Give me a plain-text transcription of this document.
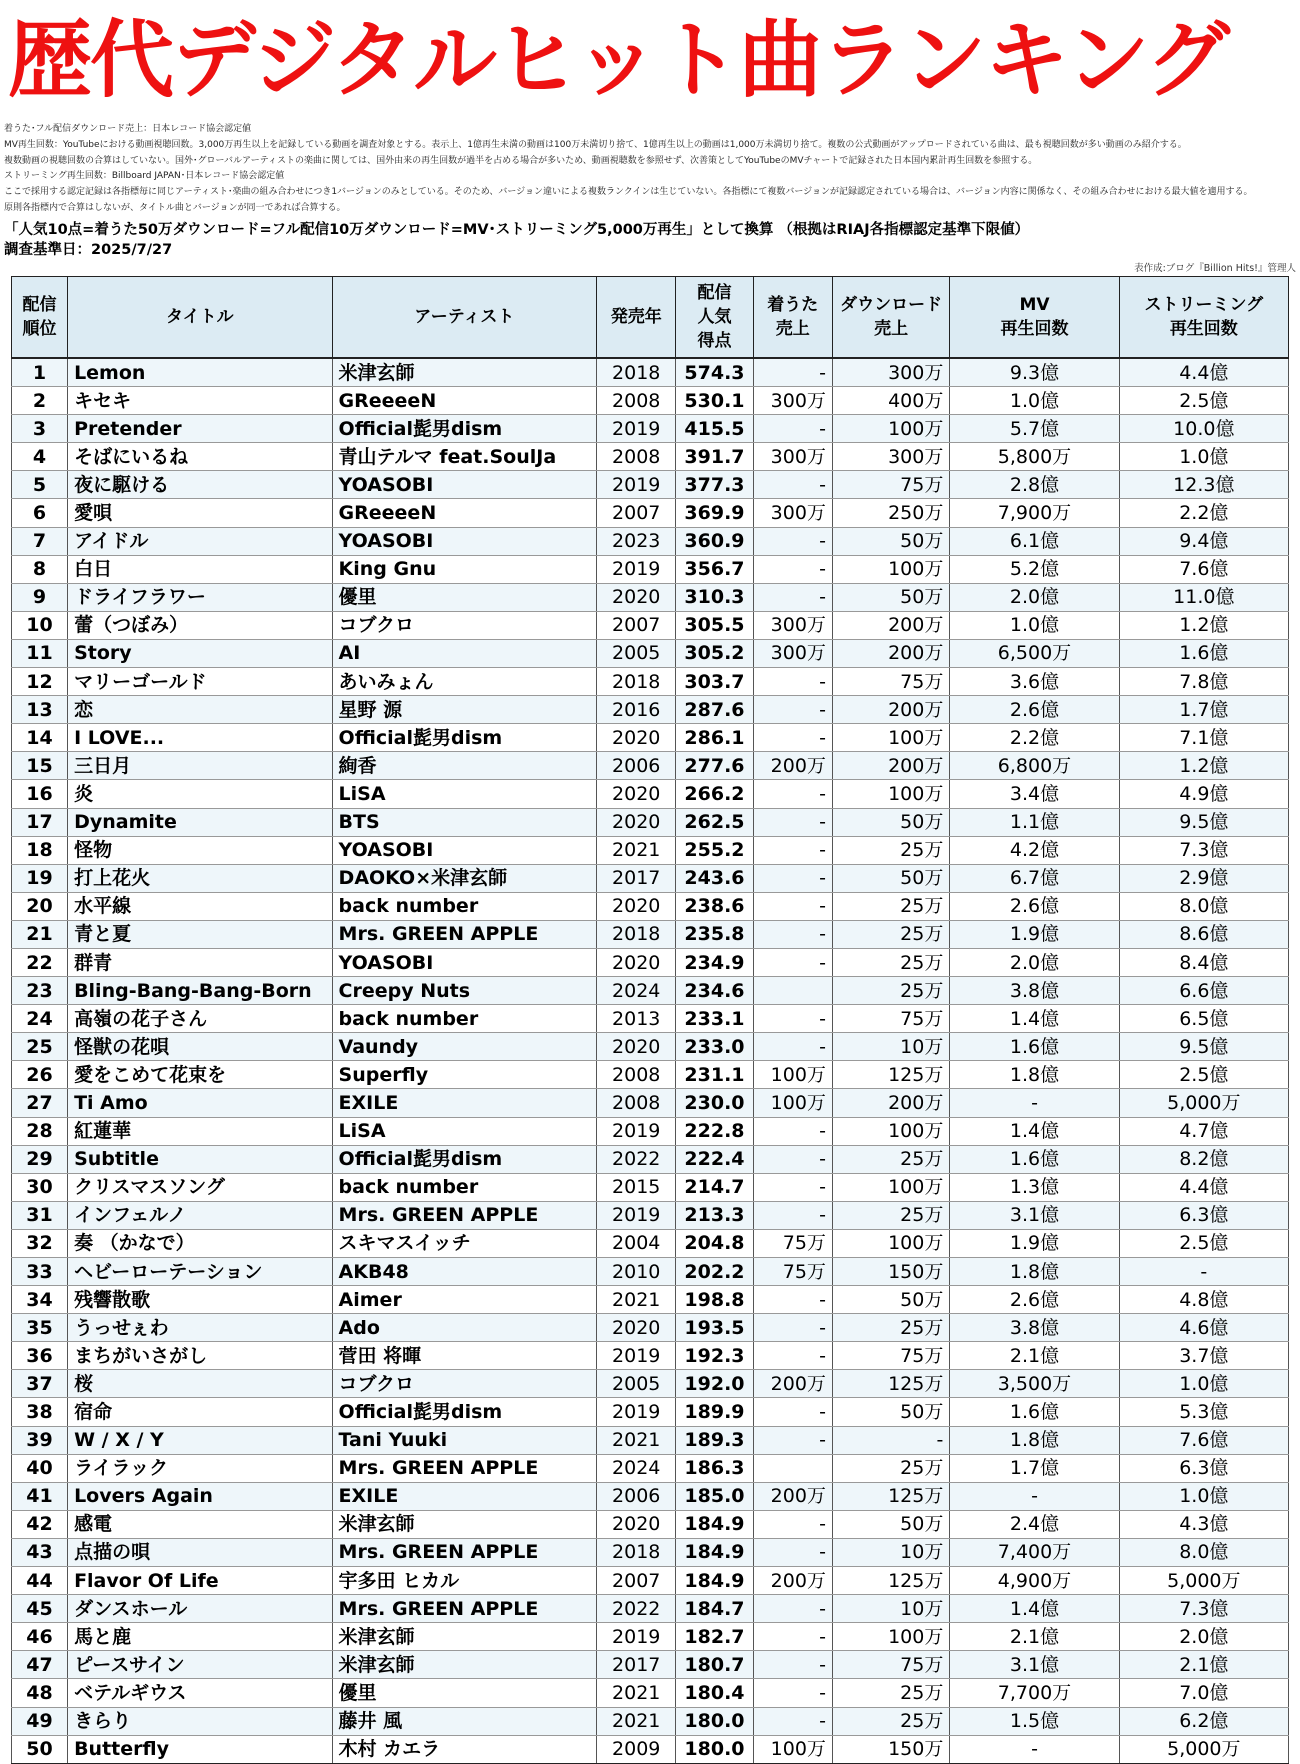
歴代デジタルヒット曲ランキング
着うた･フル配信ダウンロード売上：日本レコード協会認定値
MV再生回数：YouTubeにおける動画視聴回数。3,000万再生以上を記録している動画を調査対象とする。表示上、1億再生未満の動画は100万未満切り捨て、1億再生以上の動画は1,000万未満切り捨て。複数の公式動画がアップロードされている曲は、最も視聴回数が多い動画のみ紹介する。
複数動画の視聴回数の合算はしていない。国外･グローバルアーティストの楽曲に関しては、国外由来の再生回数が過半を占める場合が多いため、動画視聴数を参照せず、次善策としてYouTubeのMVチャートで記録された日本国内累計再生回数を参照する。
ストリーミング再生回数：Billboard JAPAN･日本レコード協会認定値
ここで採用する認定記録は各指標毎に同じアーティスト･楽曲の組み合わせにつき1バージョンのみとしている。そのため、バージョン違いによる複数ランクインは生じていない。各指標にて複数バージョンが記録認定されている場合は、バージョン内容に関係なく、その組み合わせにおける最大値を適用する。
原則各指標内で合算はしないが、タイトル曲とバージョンが同一であれば合算する。
「人気10点=着うた50万ダウンロード=フル配信10万ダウンロード=MV･ストリーミング5,000万再生」として換算 （根拠はRIAJ各指標認定基準下限値）
調査基準日：2025/7/27
表作成:ブログ『Billion Hits!』管理人
配信
順位	タイトル	アーティスト	発売年	配信
人気
得点	着うた
売上	ダウンロード
売上	MV
再生回数	ストリーミング
再生回数
1	Lemon	米津玄師	2018	574.3	-	300万	9.3億	4.4億
2	キセキ	GReeeeN	2008	530.1	300万	400万	1.0億	2.5億
3	Pretender	Official髭男dism	2019	415.5	-	100万	5.7億	10.0億
4	そばにいるね	青山テルマ feat.SoulJa	2008	391.7	300万	300万	5,800万	1.0億
5	夜に駆ける	YOASOBI	2019	377.3	-	75万	2.8億	12.3億
6	愛唄	GReeeeN	2007	369.9	300万	250万	7,900万	2.2億
7	アイドル	YOASOBI	2023	360.9	-	50万	6.1億	9.4億
8	白日	King Gnu	2019	356.7	-	100万	5.2億	7.6億
9	ドライフラワー	優里	2020	310.3	-	50万	2.0億	11.0億
10	蕾（つぼみ）	コブクロ	2007	305.5	300万	200万	1.0億	1.2億
11	Story	AI	2005	305.2	300万	200万	6,500万	1.6億
12	マリーゴールド	あいみょん	2018	303.7	-	75万	3.6億	7.8億
13	恋	星野 源	2016	287.6	-	200万	2.6億	1.7億
14	I LOVE...	Official髭男dism	2020	286.1	-	100万	2.2億	7.1億
15	三日月	絢香	2006	277.6	200万	200万	6,800万	1.2億
16	炎	LiSA	2020	266.2	-	100万	3.4億	4.9億
17	Dynamite	BTS	2020	262.5	-	50万	1.1億	9.5億
18	怪物	YOASOBI	2021	255.2	-	25万	4.2億	7.3億
19	打上花火	DAOKO×米津玄師	2017	243.6	-	50万	6.7億	2.9億
20	水平線	back number	2020	238.6	-	25万	2.6億	8.0億
21	青と夏	Mrs. GREEN APPLE	2018	235.8	-	25万	1.9億	8.6億
22	群青	YOASOBI	2020	234.9	-	25万	2.0億	8.4億
23	Bling-Bang-Bang-Born	Creepy Nuts	2024	234.6		25万	3.8億	6.6億
24	高嶺の花子さん	back number	2013	233.1	-	75万	1.4億	6.5億
25	怪獣の花唄	Vaundy	2020	233.0	-	10万	1.6億	9.5億
26	愛をこめて花束を	Superfly	2008	231.1	100万	125万	1.8億	2.5億
27	Ti Amo	EXILE	2008	230.0	100万	200万	-	5,000万
28	紅蓮華	LiSA	2019	222.8	-	100万	1.4億	4.7億
29	Subtitle	Official髭男dism	2022	222.4	-	25万	1.6億	8.2億
30	クリスマスソング	back number	2015	214.7	-	100万	1.3億	4.4億
31	インフェルノ	Mrs. GREEN APPLE	2019	213.3	-	25万	3.1億	6.3億
32	奏 （かなで）	スキマスイッチ	2004	204.8	75万	100万	1.9億	2.5億
33	ヘビーローテーション	AKB48	2010	202.2	75万	150万	1.8億	-
34	残響散歌	Aimer	2021	198.8	-	50万	2.6億	4.8億
35	うっせぇわ	Ado	2020	193.5	-	25万	3.8億	4.6億
36	まちがいさがし	菅田 将暉	2019	192.3	-	75万	2.1億	3.7億
37	桜	コブクロ	2005	192.0	200万	125万	3,500万	1.0億
38	宿命	Official髭男dism	2019	189.9	-	50万	1.6億	5.3億
39	W / X / Y	Tani Yuuki	2021	189.3	-	-	1.8億	7.6億
40	ライラック	Mrs. GREEN APPLE	2024	186.3		25万	1.7億	6.3億
41	Lovers Again	EXILE	2006	185.0	200万	125万	-	1.0億
42	感電	米津玄師	2020	184.9	-	50万	2.4億	4.3億
43	点描の唄	Mrs. GREEN APPLE	2018	184.9	-	10万	7,400万	8.0億
44	Flavor Of Life	宇多田 ヒカル	2007	184.9	200万	125万	4,900万	5,000万
45	ダンスホール	Mrs. GREEN APPLE	2022	184.7	-	10万	1.4億	7.3億
46	馬と鹿	米津玄師	2019	182.7	-	100万	2.1億	2.0億
47	ピースサイン	米津玄師	2017	180.7	-	75万	3.1億	2.1億
48	ベテルギウス	優里	2021	180.4	-	25万	7,700万	7.0億
49	きらり	藤井 風	2021	180.0	-	25万	1.5億	6.2億
50	Butterfly	木村 カエラ	2009	180.0	100万	150万	-	5,000万
